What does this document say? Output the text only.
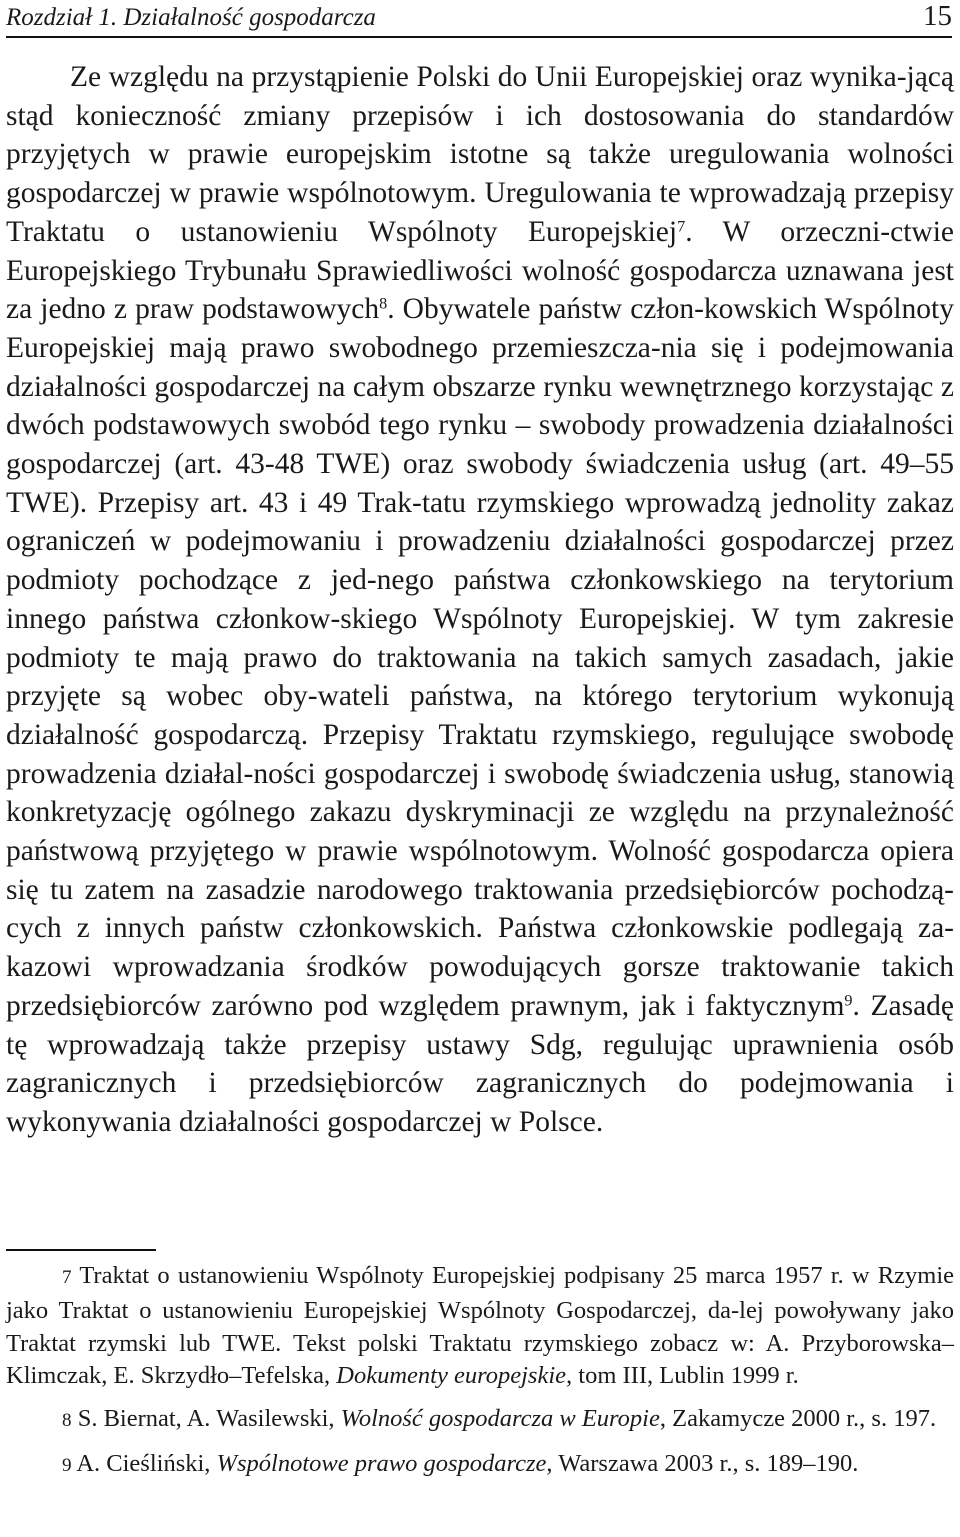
Rozdział 1. Działalność gospodarcza	15

Ze względu na przystąpienie Polski do Unii Europejskiej oraz wynika-jącą stąd konieczność zmiany przepisów i ich dostosowania do standardów przyjętych w prawie europejskim istotne są także uregulowania wolności gospodarczej w prawie wspólnotowym. Uregulowania te wprowadzają przepisy Traktatu o ustanowieniu Wspólnoty Europejskiej$^7$. W orzeczni-ctwie Europejskiego Trybunału Sprawiedliwości wolność gospodarcza uznawana jest za jedno z praw podstawowych$^8$. Obywatele państw człon-kowskich Wspólnoty Europejskiej mają prawo swobodnego przemieszcza-nia się i podejmowania działalności gospodarczej na całym obszarze rynku wewnętrznego korzystając z dwóch podstawowych swobód tego rynku – swobody prowadzenia działalności gospodarczej (art. 43-48 TWE) oraz swobody świadczenia usług (art. 49–55 TWE). Przepisy art. 43 i 49 Trak-tatu rzymskiego wprowadzą jednolity zakaz ograniczeń w podejmowaniu i prowadzeniu działalności gospodarczej przez podmioty pochodzące z jed-nego państwa członkowskiego na terytorium innego państwa członkow-skiego Wspólnoty Europejskiej. W tym zakresie podmioty te mają prawo do traktowania na takich samych zasadach, jakie przyjęte są wobec oby-wateli państwa, na którego terytorium wykonują działalność gospodarczą. Przepisy Traktatu rzymskiego, regulujące swobodę prowadzenia działal-ności gospodarczej i swobodę świadczenia usług, stanowią konkretyzację ogólnego zakazu dyskryminacji ze względu na przynależność państwową przyjętego w prawie wspólnotowym. Wolność gospodarcza opiera się tu zatem na zasadzie narodowego traktowania przedsiębiorców pochodzą-cych z innych państw członkowskich. Państwa członkowskie podlegają za-kazowi wprowadzania środków powodujących gorsze traktowanie takich przedsiębiorców zarówno pod względem prawnym, jak i faktycznym$^9$. Zasadę tę wprowadzają także przepisy ustawy Sdg, regulując uprawnienia osób zagranicznych i przedsiębiorców zagranicznych do podejmowania i wykonywania działalności gospodarczej w Polsce.

7 Traktat o ustanowieniu Wspólnoty Europejskiej podpisany 25 marca 1957 r. w Rzymie jako Traktat o ustanowieniu Europejskiej Wspólnoty Gospodarczej, da-lej powoływany jako Traktat rzymski lub TWE. Tekst polski Traktatu rzymskiego zobacz w: A. Przyborowska–Klimczak, E. Skrzydło–Tefelska, Dokumenty europejskie, tom III, Lublin 1999 r.

8 S. Biernat, A. Wasilewski, Wolność gospodarcza w Europie, Zakamycze 2000 r., s. 197.

9 A. Cieśliński, Wspólnotowe prawo gospodarcze, Warszawa 2003 r., s. 189–190.
